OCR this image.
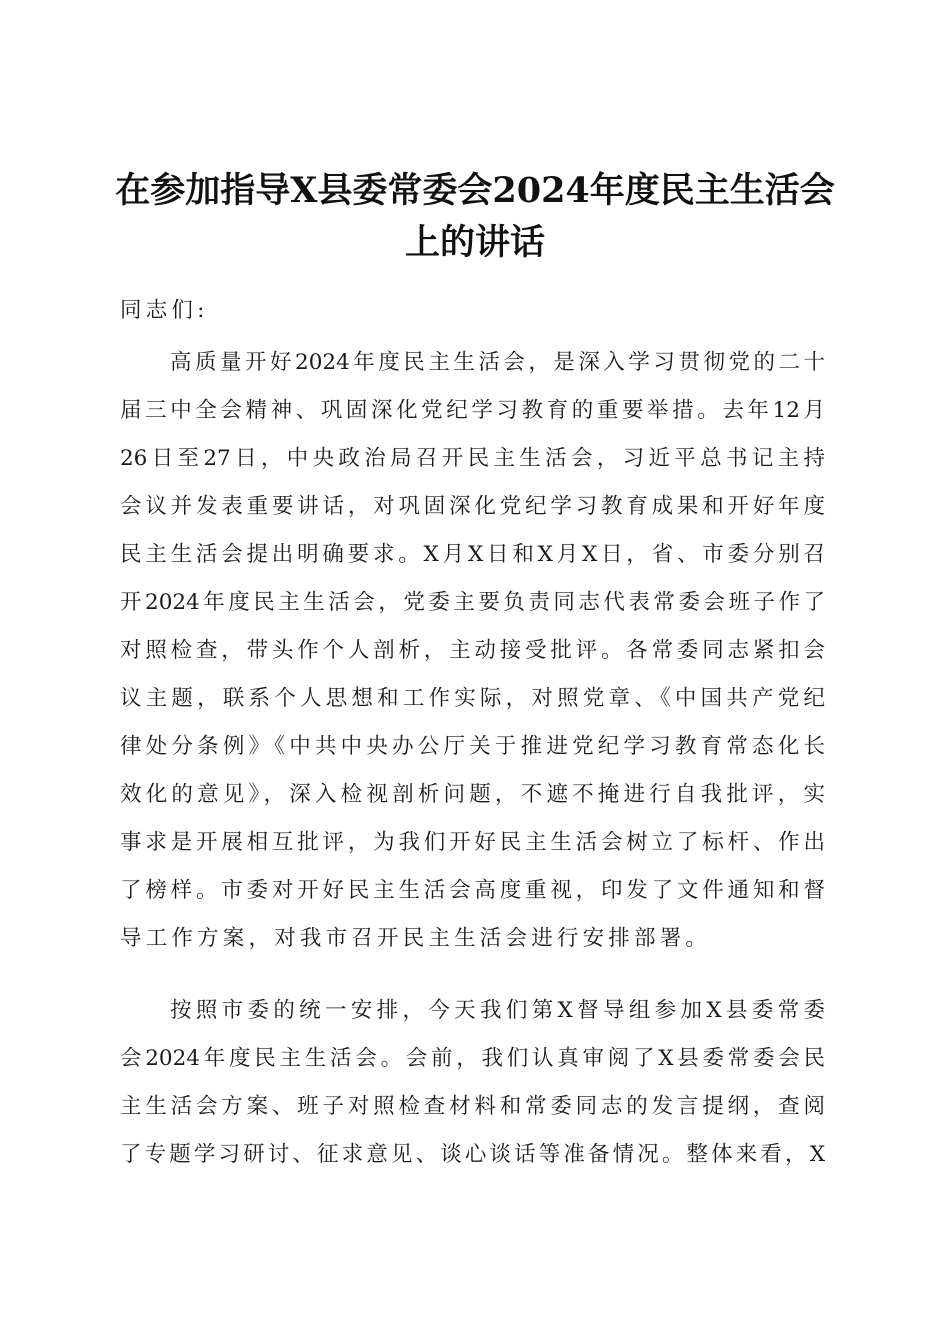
在参加指导X县委常委会2024年度民主生活会
上的讲话
同志们:
高质量开好2024年度民主生活会，是深入学习贯彻党的二十
届三中全会精神、巩固深化党纪学习教育的重要举措。去年12月
26日至27日，中央政治局召开民主生活会，习近平总书记主持
会议并发表重要讲话，对巩固深化党纪学习教育成果和开好年度
民主生活会提出明确要求。X月X日和X月X日，省、市委分别召
开2024年度民主生活会，党委主要负责同志代表常委会班子作了
对照检查，带头作个人剖析，主动接受批评。各常委同志紧扣会
议主题，联系个人思想和工作实际，对照党章、《中国共产党纪
律处分条例》《中共中央办公厅关于推进党纪学习教育常态化长
效化的意见》，深入检视剖析问题，不遮不掩进行自我批评，实
事求是开展相互批评，为我们开好民主生活会树立了标杆、作出
了榜样。市委对开好民主生活会高度重视，印发了文件通知和督
导工作方案，对我市召开民主生活会进行安排部署。
按照市委的统一安排，今天我们第X督导组参加X县委常委
会2024年度民主生活会。会前，我们认真审阅了X县委常委会民
主生活会方案、班子对照检查材料和常委同志的发言提纲，查阅
了专题学习研讨、征求意见、谈心谈话等准备情况。整体来看，X
